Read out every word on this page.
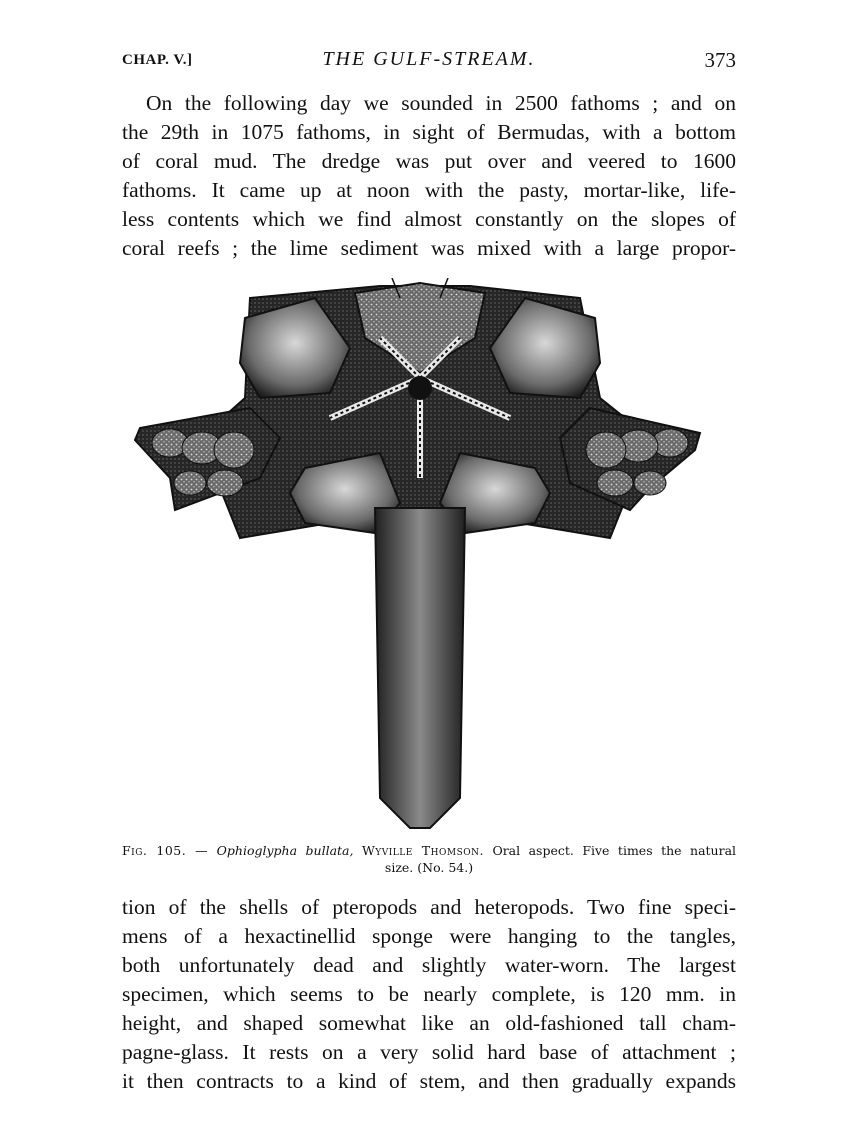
CHAP. V.]	THE GULF-STREAM.	373

On the following day we sounded in 2500 fathoms ; and on
the 29th in 1075 fathoms, in sight of Bermudas, with a bottom
of coral mud. The dredge was put over and veered to 1600
fathoms. It came up at noon with the pasty, mortar-like, life-
less contents which we find almost constantly on the slopes of
coral reefs ; the lime sediment was mixed with a large propor-

Fig. 105. — Ophioglypha bullata, Wyville Thomson. Oral aspect. Five times the natural
size. (No. 54.)

tion of the shells of pteropods and heteropods. Two fine speci-
mens of a hexactinellid sponge were hanging to the tangles,
both unfortunately dead and slightly water-worn. The largest
specimen, which seems to be nearly complete, is 120 mm. in
height, and shaped somewhat like an old-fashioned tall cham-
pagne-glass. It rests on a very solid hard base of attachment ;
it then contracts to a kind of stem, and then gradually expands
